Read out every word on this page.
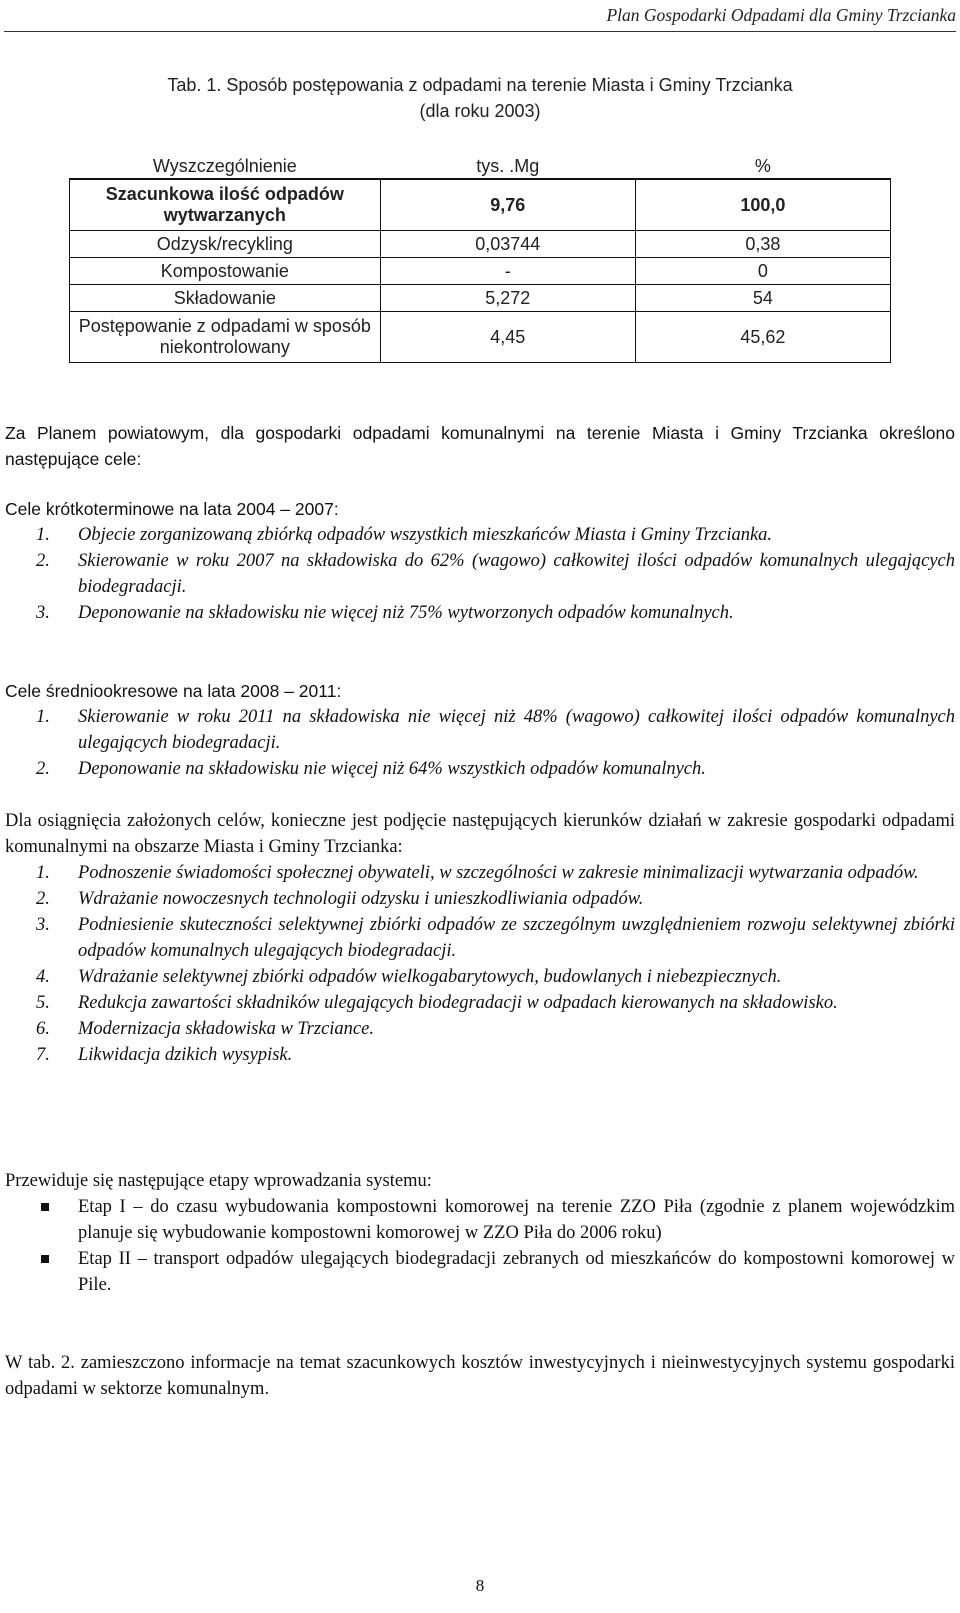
Plan Gospodarki Odpadami dla Gminy Trzcianka
Tab. 1. Sposób postępowania z odpadami na terenie Miasta i Gminy Trzcianka
(dla roku 2003)
Wyszczególnienie	tys. .Mg	%
Szacunkowa ilość odpadów wytwarzanych	9,76	100,0
Odzysk/recykling	0,03744	0,38
Kompostowanie	-	0
Składowanie	5,272	54
Postępowanie z odpadami w sposób niekontrolowany	4,45	45,62
Za Planem powiatowym, dla gospodarki odpadami komunalnymi na terenie Miasta i Gminy Trzcianka określono następujące cele:
Cele krótkoterminowe na lata 2004 – 2007:
1. Objecie zorganizowaną zbiórką odpadów wszystkich mieszkańców Miasta i Gminy Trzcianka.
2. Skierowanie w roku 2007 na składowiska do 62% (wagowo) całkowitej ilości odpadów komunalnych ulegających biodegradacji.
3. Deponowanie na składowisku nie więcej niż 75% wytworzonych odpadów komunalnych.
Cele średniookresowe na lata 2008 – 2011:
1. Skierowanie w roku 2011 na składowiska nie więcej niż 48% (wagowo) całkowitej ilości odpadów komunalnych ulegających biodegradacji.
2. Deponowanie na składowisku nie więcej niż 64% wszystkich odpadów komunalnych.
Dla osiągnięcia założonych celów, konieczne jest podjęcie następujących kierunków działań w zakresie gospodarki odpadami komunalnymi na obszarze Miasta i Gminy Trzcianka:
1. Podnoszenie świadomości społecznej obywateli, w szczególności w zakresie minimalizacji wytwarzania odpadów.
2. Wdrażanie nowoczesnych technologii odzysku i unieszkodliwiania odpadów.
3. Podniesienie skuteczności selektywnej zbiórki odpadów ze szczególnym uwzględnieniem rozwoju selektywnej zbiórki odpadów komunalnych ulegających biodegradacji.
4. Wdrażanie selektywnej zbiórki odpadów wielkogabarytowych, budowlanych i niebezpiecznych.
5. Redukcja zawartości składników ulegających biodegradacji w odpadach kierowanych na składowisko.
6. Modernizacja składowiska w Trzciance.
7. Likwidacja dzikich wysypisk.
Przewiduje się następujące etapy wprowadzania systemu:
Etap I – do czasu wybudowania kompostowni komorowej na terenie ZZO Piła (zgodnie z planem wojewódzkim planuje się wybudowanie kompostowni komorowej w ZZO Piła do 2006 roku)
Etap II – transport odpadów ulegających biodegradacji zebranych od mieszkańców do kompostowni komorowej w Pile.
W tab. 2. zamieszczono informacje na temat szacunkowych kosztów inwestycyjnych i nieinwestycyjnych systemu gospodarki odpadami w sektorze komunalnym.
8
